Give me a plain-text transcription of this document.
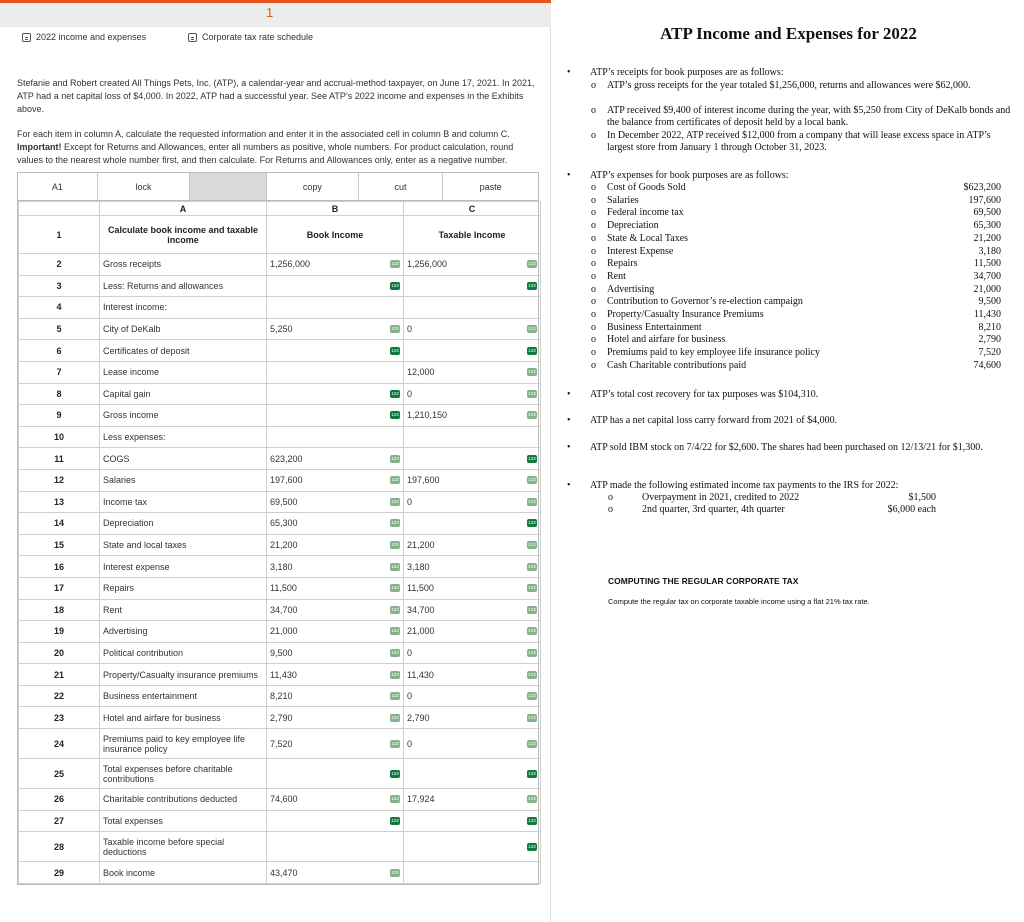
1
2022 income and expenses	Corporate tax rate schedule

Stefanie and Robert created All Things Pets, Inc. (ATP), a calendar-year and accrual-method taxpayer, on June 17, 2021. In 2021, ATP had a net capital loss of $4,000. In 2022, ATP had a successful year. See ATP’s 2022 income and expenses in the Exhibits above.

For each item in column A, calculate the requested information and enter it in the associated cell in column B and column C. Important! Except for Returns and Allowances, enter all numbers as positive, whole numbers. For product calculation, round values to the nearest whole number first, and then calculate. For Returns and Allowances only, enter as a negative number.

A1	lock	copy	cut	paste
	A	B	C
1	Calculate book income and taxable income	Book Income	Taxable Income
2	Gross receipts	1,256,000 123	1,256,000 123

3	Less: Returns and allowances	123	123

4	Interest income:		
5	City of DeKalb	5,250 123	0 123

6	Certificates of deposit	123	123

7	Lease income		12,000 123

8	Capital gain	123	0 123

9	Gross income	123	1,210,150 123

10	Less expenses:		
11	COGS	623,200 123	123

12	Salaries	197,600 123	197,600 123

13	Income tax	69,500 123	0 123

14	Depreciation	65,300 123	123

15	State and local taxes	21,200 123	21,200 123

16	Interest expense	3,180 123	3,180 123

17	Repairs	11,500 123	11,500 123

18	Rent	34,700 123	34,700 123

19	Advertising	21,000 123	21,000 123

20	Political contribution	9,500 123	0 123

21	Property/Casualty insurance premiums	11,430 123	11,430 123

22	Business entertainment	8,210 123	0 123

23	Hotel and airfare for business	2,790 123	2,790 123

24	Premiums paid to key employee life insurance policy	7,520 123	0 123

25	Total expenses before charitable contributions	123	123

26	Charitable contributions deducted	74,600 123	17,924 123

27	Total expenses	123	123

28	Taxable income before special deductions		123

29	Book income	43,470 123	

ATP Income and Expenses for 2022
• ATP’s receipts for book purposes are as follows:
o ATP’s gross receipts for the year totaled $1,256,000, returns and allowances were $62,000.
o ATP received $9,400 of interest income during the year, with $5,250 from City of DeKalb bonds and the balance from certificates of deposit held by a local bank.
o In December 2022, ATP received $12,000 from a company that will lease excess space in ATP’s largest store from January 1 through October 31, 2023.
• ATP’s expenses for book purposes are as follows:
o Cost of Goods Sold	$623,200
o Salaries	197,600
o Federal income tax	69,500
o Depreciation	65,300
o State & Local Taxes	21,200
o Interest Expense	3,180
o Repairs	11,500
o Rent	34,700
o Advertising	21,000
o Contribution to Governor’s re-election campaign	9,500
o Property/Casualty Insurance Premiums	11,430
o Business Entertainment	8,210
o Hotel and airfare for business	2,790
o Premiums paid to key employee life insurance policy	7,520
o Cash Charitable contributions paid	74,600
• ATP’s total cost recovery for tax purposes was $104,310.
• ATP has a net capital loss carry forward from 2021 of $4,000.
• ATP sold IBM stock on 7/4/22 for $2,600. The shares had been purchased on 12/13/21 for $1,300.
• ATP made the following estimated income tax payments to the IRS for 2022:
o	Overpayment in 2021, credited to 2022	$1,500
o	2nd quarter, 3rd quarter, 4th quarter	$6,000 each
COMPUTING THE REGULAR CORPORATE TAX
Compute the regular tax on corporate taxable income using a flat 21% tax rate.
